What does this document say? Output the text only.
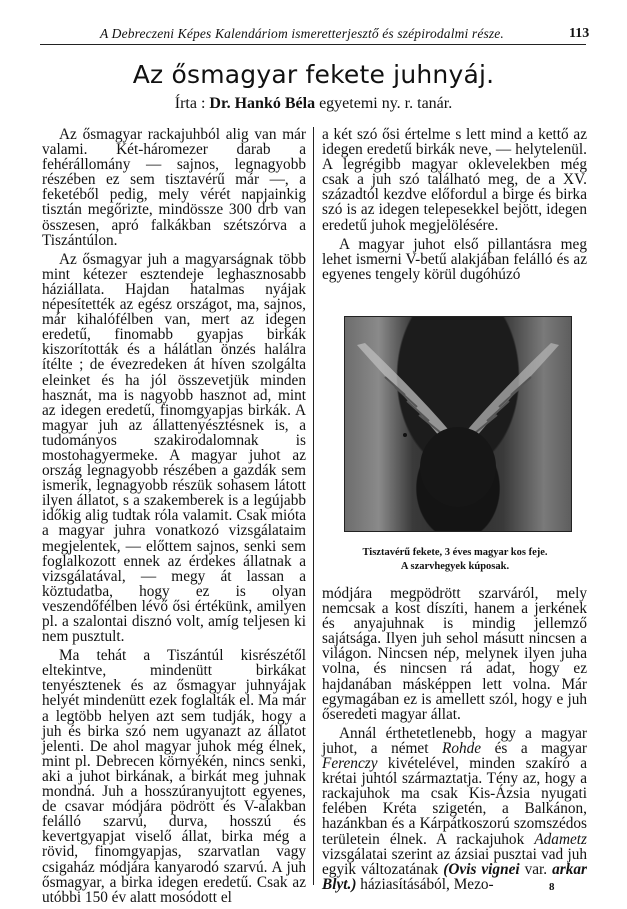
A Debreczeni Képes Kalendáriom ismeretterjesztő és szépirodalmi része.	113
Az ősmagyar fekete juhnyáj.
Írta : Dr. Hankó Béla egyetemi ny. r. tanár.

Az ősmagyar rackajuhból alig van már valami. Két-háromezer darab a fehérállomány — sajnos, legnagyobb részében ez sem tisztavérű már —, a feketéből pedig, mely vérét napjainkig tisztán megőrizte, mindössze 300 drb van összesen, apró falkákban szétszórva a Tiszántúlon.

Az ősmagyar juh a magyarságnak több mint kétezer esztendeje leghasznosabb háziállata. Hajdan hatalmas nyájak népesítették az egész országot, ma, sajnos, már kihalófélben van, mert az idegen eredetű, finomabb gyapjas birkák kiszorították és a hálátlan önzés halálra ítélte ; de évezredeken át híven szolgálta eleinket és ha jól összevetjük minden hasznát, ma is nagyobb hasznot ad, mint az idegen eredetű, finomgyapjas birkák. A magyar juh az állattenyésztésnek is, a tudományos szakirodalomnak is mostohagyermeke. A magyar juhot az ország legnagyobb részében a gazdák sem ismerik, legnagyobb részük sohasem látott ilyen állatot, s a szakemberek is a legújabb időkig alig tudtak róla valamit. Csak mióta a magyar juhra vonatkozó vizsgálataim megjelentek, — előttem sajnos, senki sem foglalkozott ennek az érdekes állatnak a vizsgálatával, — megy át lassan a köztudatba, hogy ez is olyan veszendőfélben lévő ősi értékünk, amilyen pl. a szalontai disznó volt, amíg teljesen ki nem pusztult.

Ma tehát a Tiszántúl kisrészétől eltekintve, mindenütt birkákat tenyésztenek és az ősmagyar juhnyájak helyét mindenütt ezek foglalták el. Ma már a legtöbb helyen azt sem tudják, hogy a juh és birka szó nem ugyanazt az állatot jelenti. De ahol magyar juhok még élnek, mint pl. Debrecen környékén, nincs senki, aki a juhot birkának, a birkát meg juhnak mondná. Juh a hosszúranyujtott egyenes, de csavar módjára pödrött és V-alakban felálló szarvú, durva, hosszú és kevertgyapjat viselő állat, birka még a rövid, finomgyapjas, szarvatlan vagy csigaház módjára kanyarodó szarvú. A juh ősmagyar, a birka idegen eredetű. Csak az utóbbi 150 év alatt mosódott el

a két szó ősi értelme s lett mind a kettő az idegen eredetű birkák neve, — helytelenül. A legrégibb magyar oklevelekben még csak a juh szó található meg, de a XV. századtól kezdve előfordul a birge és birka szó is az idegen telepesekkel bejött, idegen eredetű juhok megjelölésére.

A magyar juhot első pillantásra meg lehet ismerni V-betű alakjában felálló és az egyenes tengely körül dugóhúzó

Tisztavérű fekete, 3 éves magyar kos feje.
A szarvhegyek kúposak.

módjára megpödrött szarváról, mely nemcsak a kost díszíti, hanem a jerkének és anyajuhnak is mindig jellemző sajátsága. Ilyen juh sehol másutt nincsen a világon. Nincsen nép, melynek ilyen juha volna, és nincsen rá adat, hogy ez hajdanában másképpen lett volna. Már egymagában ez is amellett szól, hogy e juh őseredeti magyar állat.

Annál érthetetlenebb, hogy a magyar juhot, a német Rohde és a magyar Ferenczy kivételével, minden szakíró a krétai juhtól származtatja. Tény az, hogy a rackajuhok ma csak Kis-Ázsia nyugati felében Kréta szigetén, a Balkánon, hazánkban és a Kárpátkoszorú szomszédos területein élnek. A rackajuhok Adametz vizsgálatai szerint az ázsiai pusztai vad juh egyik változatának (Ovis vignei var. arkar Blyt.) háziasításából, Mezo-	8
